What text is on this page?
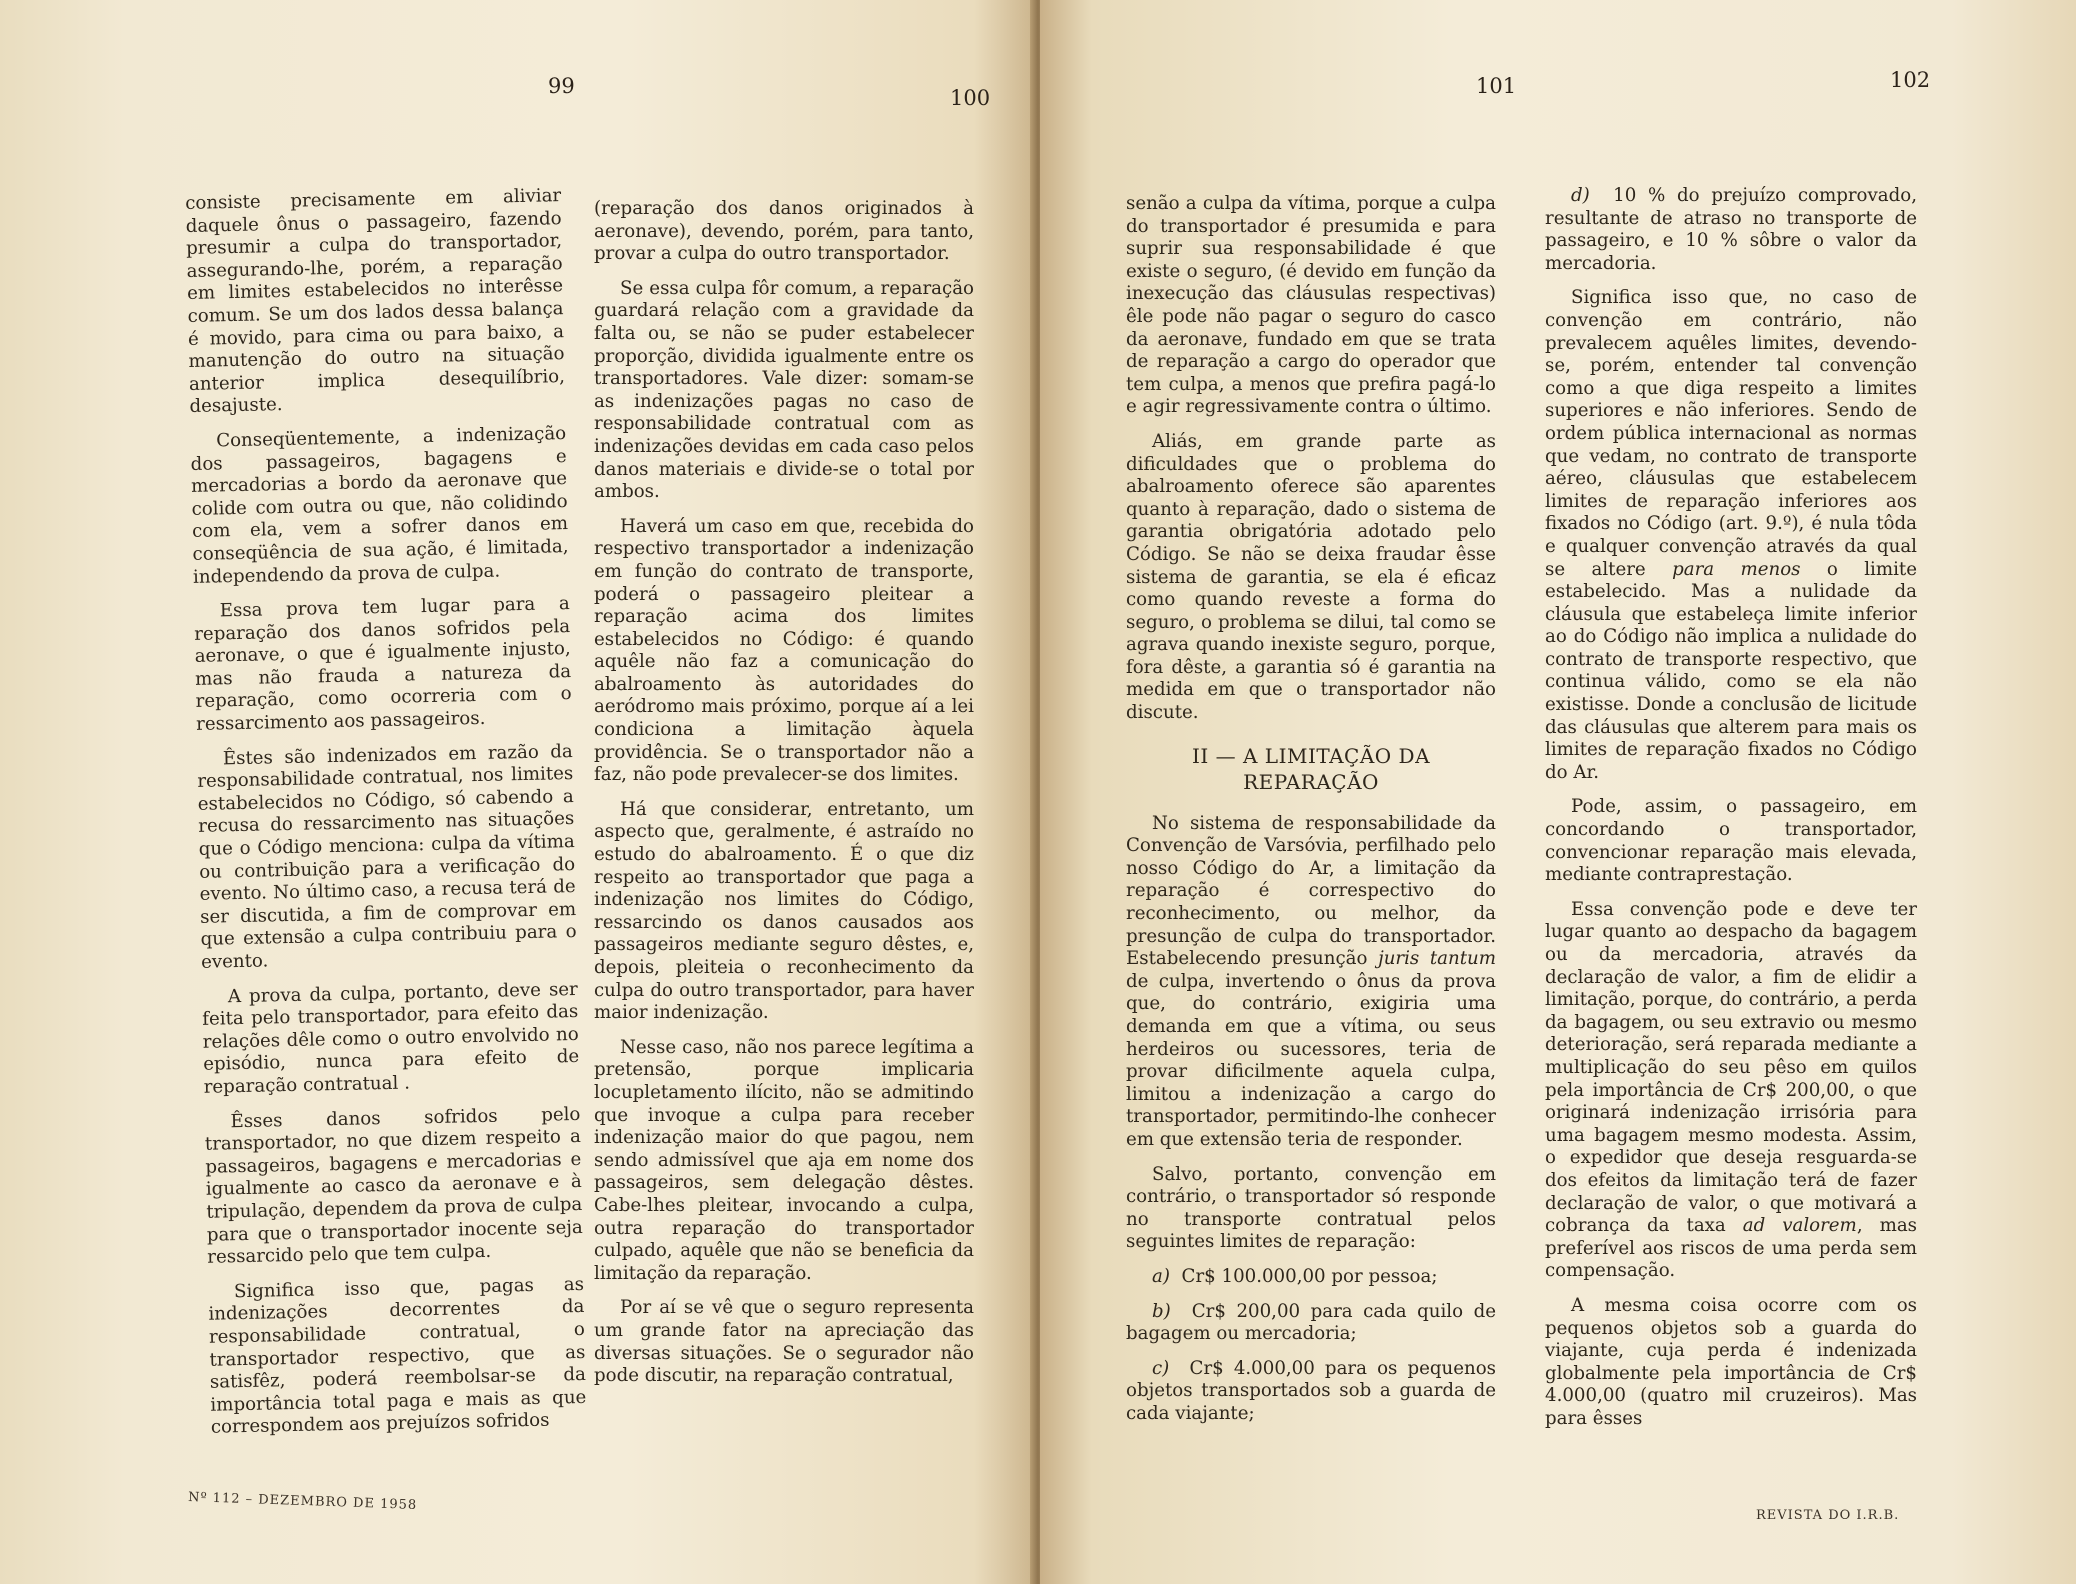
99	100

consiste precisamente em aliviar daquele ônus o passageiro, fazendo presumir a culpa do transportador, assegurando-lhe, porém, a reparação em limites estabelecidos no interêsse comum. Se um dos lados dessa balança é movido, para cima ou para baixo, a manutenção do outro na situação anterior implica desequilíbrio, desajuste.

Conseqüentemente, a indenização dos passageiros, bagagens e mercadorias a bordo da aeronave que colide com outra ou que, não colidindo com ela, vem a sofrer danos em conseqüência de sua ação, é limitada, independendo da prova de culpa.

Essa prova tem lugar para a reparação dos danos sofridos pela aeronave, o que é igualmente injusto, mas não frauda a natureza da reparação, como ocorreria com o ressarcimento aos passageiros.

Êstes são indenizados em razão da responsabilidade contratual, nos limites estabelecidos no Código, só cabendo a recusa do ressarcimento nas situações que o Código menciona: culpa da vítima ou contribuição para a verificação do evento. No último caso, a recusa terá de ser discutida, a fim de comprovar em que extensão a culpa contribuiu para o evento.

A prova da culpa, portanto, deve ser feita pelo transportador, para efeito das relações dêle como o outro envolvido no episódio, nunca para efeito de reparação contratual .

Êsses danos sofridos pelo transportador, no que dizem respeito a passageiros, bagagens e mercadorias e igualmente ao casco da aeronave e à tripulação, dependem da prova de culpa para que o transportador inocente seja ressarcido pelo que tem culpa.

Significa isso que, pagas as indenizações decorrentes da responsabilidade contratual, o transportador respectivo, que as satisfêz, poderá reembolsar-se da importância total paga e mais as que correspondem aos prejuízos sofridos

(reparação dos danos originados à aeronave), devendo, porém, para tanto, provar a culpa do outro transportador.

Se essa culpa fôr comum, a reparação guardará relação com a gravidade da falta ou, se não se puder estabelecer proporção, dividida igualmente entre os transportadores. Vale dizer: somam-se as indenizações pagas no caso de responsabilidade contratual com as indenizações devidas em cada caso pelos danos materiais e divide-se o total por ambos.

Haverá um caso em que, recebida do respectivo transportador a indenização em função do contrato de transporte, poderá o passageiro pleitear a reparação acima dos limites estabelecidos no Código: é quando aquêle não faz a comunicação do abalroamento às autoridades do aeródromo mais próximo, porque aí a lei condiciona a limitação àquela providência. Se o transportador não a faz, não pode prevalecer-se dos limites.

Há que considerar, entretanto, um aspecto que, geralmente, é astraído no estudo do abalroamento. É o que diz respeito ao transportador que paga a indenização nos limites do Código, ressarcindo os danos causados aos passageiros mediante seguro dêstes, e, depois, pleiteia o reconhecimento da culpa do outro transportador, para haver maior indenização.

Nesse caso, não nos parece legítima a pretensão, porque implicaria locupletamento ilícito, não se admitindo que invoque a culpa para receber indenização maior do que pagou, nem sendo admissível que aja em nome dos passageiros, sem delegação dêstes. Cabe-lhes pleitear, invocando a culpa, outra reparação do transportador culpado, aquêle que não se beneficia da limitação da reparação.

Por aí se vê que o seguro representa um grande fator na apreciação das diversas situações. Se o segurador não pode discutir, na reparação contratual,

Nº 112 – DEZEMBRO DE 1958
101	102

senão a culpa da vítima, porque a culpa do transportador é presumida e para suprir sua responsabilidade é que existe o seguro, (é devido em função da inexecução das cláusulas respectivas) êle pode não pagar o seguro do casco da aeronave, fundado em que se trata de reparação a cargo do operador que tem culpa, a menos que prefira pagá-lo e agir regressivamente contra o último.

Aliás, em grande parte as dificuldades que o problema do abalroamento oferece são aparentes quanto à reparação, dado o sistema de garantia obrigatória adotado pelo Código. Se não se deixa fraudar êsse sistema de garantia, se ela é eficaz como quando reveste a forma do seguro, o problema se dilui, tal como se agrava quando inexiste seguro, porque, fora dêste, a garantia só é garantia na medida em que o transportador não discute.

II — A LIMITAÇÃO DA REPARAÇÃO

No sistema de responsabilidade da Convenção de Varsóvia, perfilhado pelo nosso Código do Ar, a limitação da reparação é correspectivo do reconhecimento, ou melhor, da presunção de culpa do transportador. Estabelecendo presunção juris tantum de culpa, invertendo o ônus da prova que, do contrário, exigiria uma demanda em que a vítima, ou seus herdeiros ou sucessores, teria de provar dificilmente aquela culpa, limitou a indenização a cargo do transportador, permitindo-lhe conhecer em que extensão teria de responder.

Salvo, portanto, convenção em contrário, o transportador só responde no transporte contratual pelos seguintes limites de reparação:

a) Cr$ 100.000,00 por pessoa;

b) Cr$ 200,00 para cada quilo de bagagem ou mercadoria;

c) Cr$ 4.000,00 para os pequenos objetos transportados sob a guarda de cada viajante;

d) 10 % do prejuízo comprovado, resultante de atraso no transporte de passageiro, e 10 % sôbre o valor da mercadoria.

Significa isso que, no caso de convenção em contrário, não prevalecem aquêles limites, devendo-se, porém, entender tal convenção como a que diga respeito a limites superiores e não inferiores. Sendo de ordem pública internacional as normas que vedam, no contrato de transporte aéreo, cláusulas que estabelecem limites de reparação inferiores aos fixados no Código (art. 9.º), é nula tôda e qualquer convenção através da qual se altere para menos o limite estabelecido. Mas a nulidade da cláusula que estabeleça limite inferior ao do Código não implica a nulidade do contrato de transporte respectivo, que continua válido, como se ela não existisse. Donde a conclusão de licitude das cláusulas que alterem para mais os limites de reparação fixados no Código do Ar.

Pode, assim, o passageiro, em concordando o transportador, convencionar reparação mais elevada, mediante contraprestação.

Essa convenção pode e deve ter lugar quanto ao despacho da bagagem ou da mercadoria, através da declaração de valor, a fim de elidir a limitação, porque, do contrário, a perda da bagagem, ou seu extravio ou mesmo deterioração, será reparada mediante a multiplicação do seu pêso em quilos pela importância de Cr$ 200,00, o que originará indenização irrisória para uma bagagem mesmo modesta. Assim, o expedidor que deseja resguarda-se dos efeitos da limitação terá de fazer declaração de valor, o que motivará a cobrança da taxa ad valorem, mas preferível aos riscos de uma perda sem compensação.

A mesma coisa ocorre com os pequenos objetos sob a guarda do viajante, cuja perda é indenizada globalmente pela importância de Cr$ 4.000,00 (quatro mil cruzeiros). Mas para êsses

REVISTA DO I.R.B.
